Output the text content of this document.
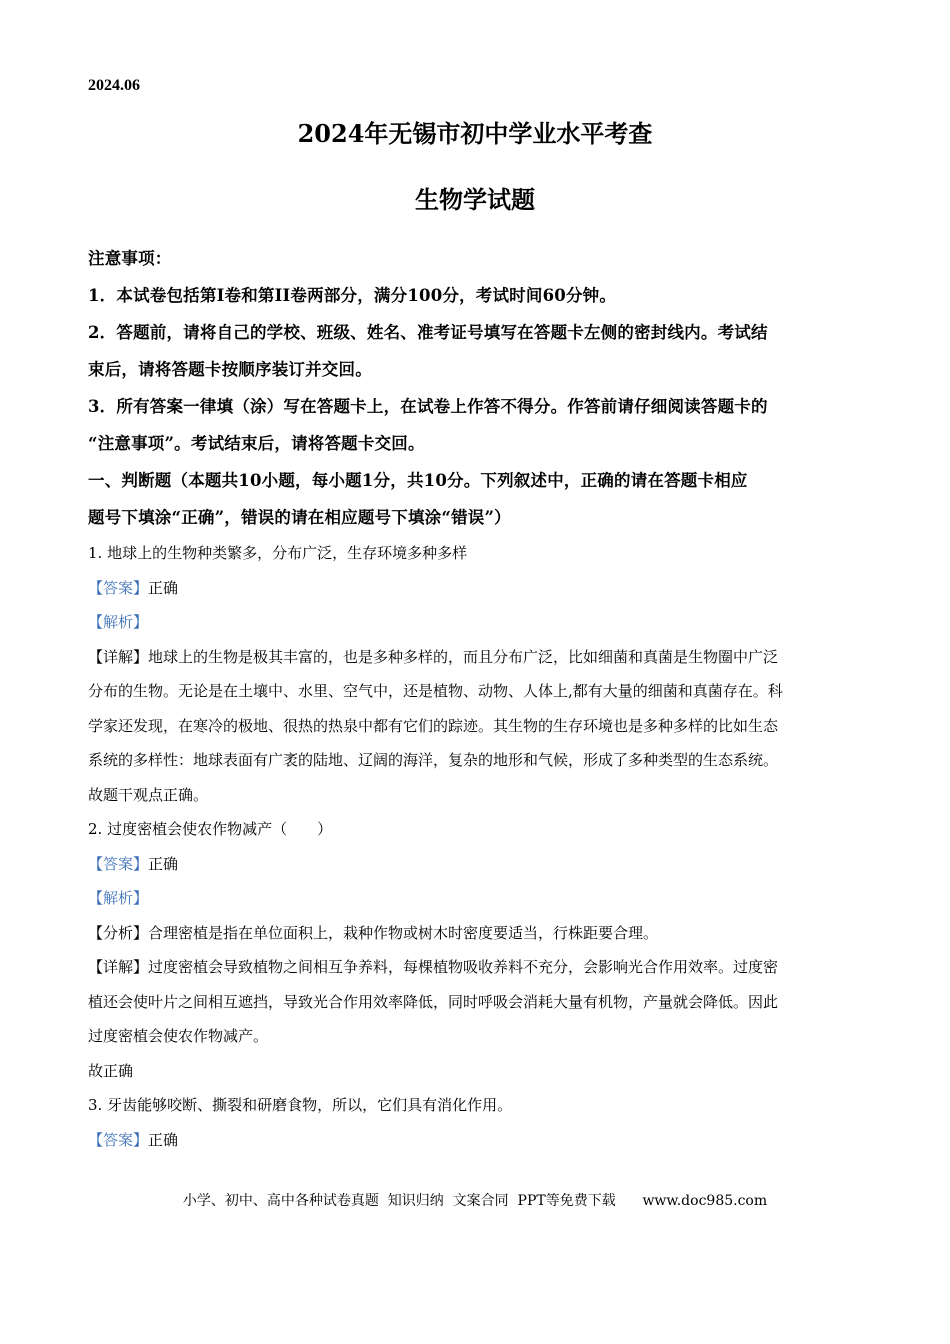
2024.06
2024年无锡市初中学业水平考查
生物学试题

注意事项：

1．本试卷包括第I卷和第II卷两部分，满分100分，考试时间60分钟。

2．答题前，请将自己的学校、班级、姓名、准考证号填写在答题卡左侧的密封线内。考试结

束后，请将答题卡按顺序装订并交回。

3．所有答案一律填（涂）写在答题卡上，在试卷上作答不得分。作答前请仔细阅读答题卡的

“注意事项”。考试结束后，请将答题卡交回。

一、判断题（本题共10小题，每小题1分，共10分。下列叙述中，正确的请在答题卡相应

题号下填涂“正确”，错误的请在相应题号下填涂“错误”）

1. 地球上的生物种类繁多，分布广泛，生存环境多种多样

【答案】正确

【解析】

【详解】地球上的生物是极其丰富的，也是多种多样的，而且分布广泛，比如细菌和真菌是生物圈中广泛

分布的生物。无论是在土壤中、水里、空气中，还是植物、动物、人体上,都有大量的细菌和真菌存在。科

学家还发现，在寒冷的极地、很热的热泉中都有它们的踪迹。其生物的生存环境也是多种多样的比如生态

系统的多样性：地球表面有广袤的陆地、辽阔的海洋，复杂的地形和气候，形成了多种类型的生态系统。

故题干观点正确。

2. 过度密植会使农作物减产（　　）

【答案】正确

【解析】

【分析】合理密植是指在单位面积上，栽种作物或树木时密度要适当，行株距要合理。

【详解】过度密植会导致植物之间相互争养料，每棵植物吸收养料不充分，会影响光合作用效率。过度密

植还会使叶片之间相互遮挡，导致光合作用效率降低，同时呼吸会消耗大量有机物，产量就会降低。因此

过度密植会使农作物减产。

故正确

3. 牙齿能够咬断、撕裂和研磨食物，所以，它们具有消化作用。

【答案】正确

小学、初中、高中各种试卷真题  知识归纳  文案合同  PPT等免费下载      www.doc985.com
